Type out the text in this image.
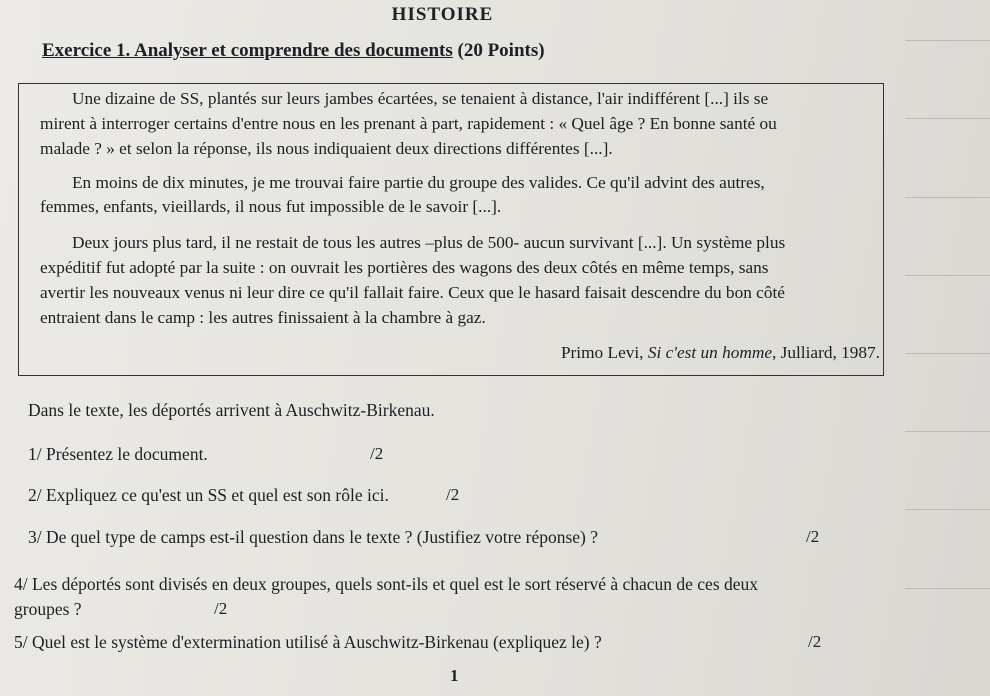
HISTOIRE
Exercice 1. Analyser et comprendre des documents (20 Points)
Une dizaine de SS, plantés sur leurs jambes écartées, se tenaient à distance, l'air indifférent [...] ils se
mirent à interroger certains d'entre nous en les prenant à part, rapidement : « Quel âge ? En bonne santé ou
malade ? » et selon la réponse, ils nous indiquaient deux directions différentes [...].
En moins de dix minutes, je me trouvai faire partie du groupe des valides. Ce qu'il advint des autres,
femmes, enfants, vieillards, il nous fut impossible de le savoir [...].
Deux jours plus tard, il ne restait de tous les autres –plus de 500- aucun survivant [...]. Un système plus
expéditif fut adopté par la suite : on ouvrait les portières des wagons des deux côtés en même temps, sans
avertir les nouveaux venus ni leur dire ce qu'il fallait faire. Ceux que le hasard faisait descendre du bon côté
entraient dans le camp : les autres finissaient à la chambre à gaz.
Primo Levi, Si c'est un homme, Julliard, 1987.
Dans le texte, les déportés arrivent à Auschwitz-Birkenau.
1/ Présentez le document.	/2
2/ Expliquez ce qu'est un SS et quel est son rôle ici.	/2
3/ De quel type de camps est-il question dans le texte ? (Justifiez votre réponse) ?	/2
4/ Les déportés sont divisés en deux groupes, quels sont-ils et quel est le sort réservé à chacun de ces deux
groupes ?	/2
5/ Quel est le système d'extermination utilisé à Auschwitz-Birkenau (expliquez le) ?	/2
1
